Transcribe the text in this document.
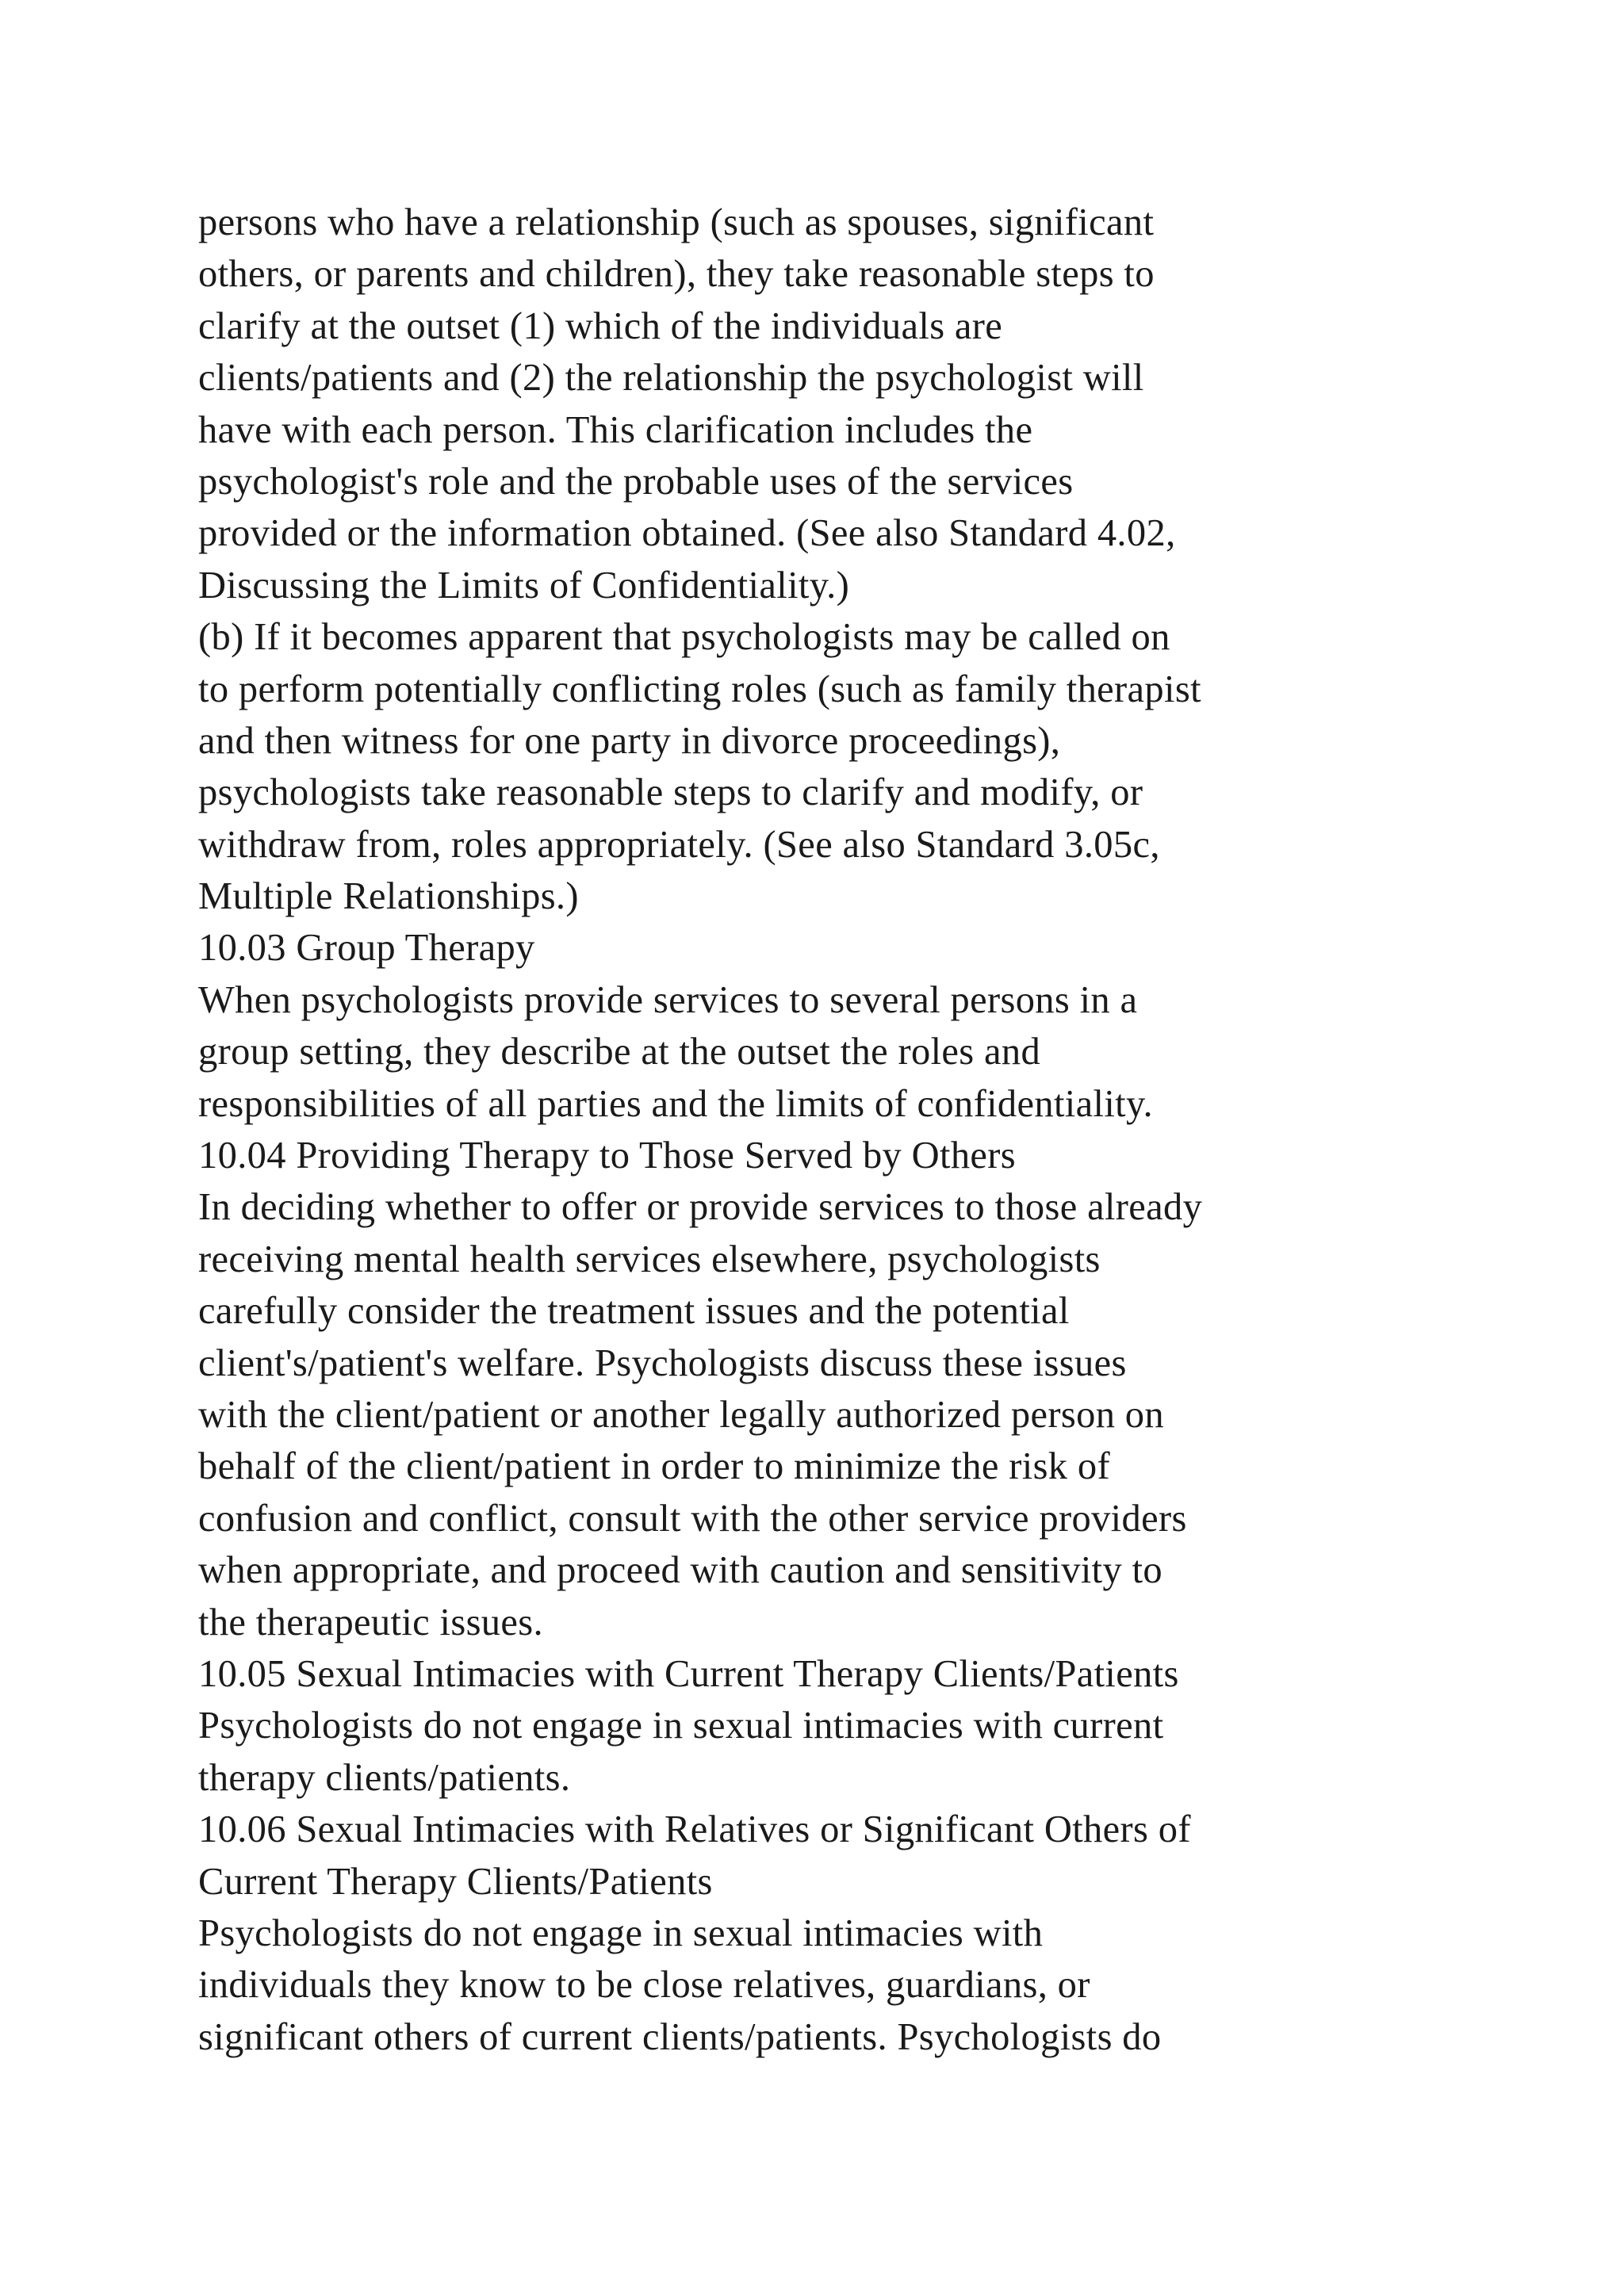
persons who have a relationship (such as spouses, significant
others, or parents and children), they take reasonable steps to
clarify at the outset (1) which of the individuals are
clients/patients and (2) the relationship the psychologist will
have with each person. This clarification includes the
psychologist's role and the probable uses of the services
provided or the information obtained. (See also Standard 4.02,
Discussing the Limits of Confidentiality.)
(b) If it becomes apparent that psychologists may be called on
to perform potentially conflicting roles (such as family therapist
and then witness for one party in divorce proceedings),
psychologists take reasonable steps to clarify and modify, or
withdraw from, roles appropriately. (See also Standard 3.05c,
Multiple Relationships.)
10.03 Group Therapy
When psychologists provide services to several persons in a
group setting, they describe at the outset the roles and
responsibilities of all parties and the limits of confidentiality.
10.04 Providing Therapy to Those Served by Others
In deciding whether to offer or provide services to those already
receiving mental health services elsewhere, psychologists
carefully consider the treatment issues and the potential
client's/patient's welfare. Psychologists discuss these issues
with the client/patient or another legally authorized person on
behalf of the client/patient in order to minimize the risk of
confusion and conflict, consult with the other service providers
when appropriate, and proceed with caution and sensitivity to
the therapeutic issues.
10.05 Sexual Intimacies with Current Therapy Clients/Patients
Psychologists do not engage in sexual intimacies with current
therapy clients/patients.
10.06 Sexual Intimacies with Relatives or Significant Others of
Current Therapy Clients/Patients
Psychologists do not engage in sexual intimacies with
individuals they know to be close relatives, guardians, or
significant others of current clients/patients. Psychologists do
